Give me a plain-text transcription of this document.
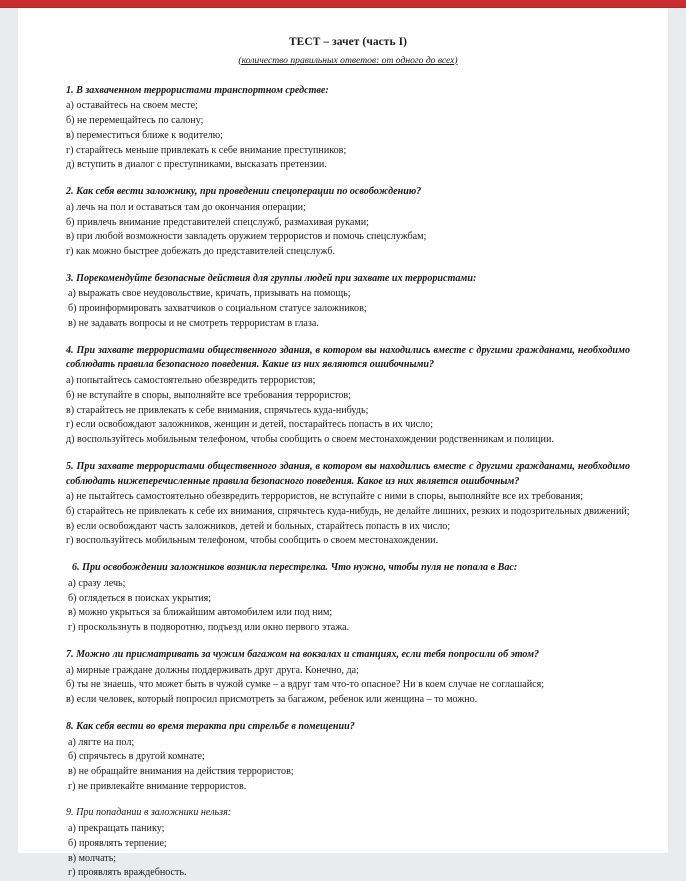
ТЕСТ – зачет (часть I)
(количество правильных ответов: от одного до всех)

1. В захваченном террористами транспортном средстве:

а) оставайтесь на своем месте;

б) не перемещайтесь по салону;

в) переместиться ближе к водителю;

г) старайтесь меньше привлекать к себе внимание преступников;

д) вступить в диалог с преступниками, высказать претензии.

2. Как себя вести заложнику, при проведении спецоперации по освобождению?

а) лечь на пол и оставаться там до окончания операции;

б) привлечь внимание представителей спецслужб, размахивая руками;

в) при любой возможности завладеть оружием террористов и помочь спецслужбам;

г) как можно быстрее добежать до представителей спецслужб.

3. Порекомендуйте безопасные действия для группы людей при захвате их террористами:

а) выражать свое неудовольствие, кричать, призывать на помощь;

б) проинформировать захватчиков о социальном статусе заложников;

в) не задавать вопросы и не смотреть террористам в глаза.

4. При захвате террористами общественного здания, в котором вы находились вместе с другими гражданами, необходимо соблюдать правила безопасного поведения. Какие из них являются ошибочными?

а) попытайтесь самостоятельно обезвредить террористов;

б) не вступайте в споры, выполняйте все требования террористов;

в) старайтесь не привлекать к себе внимания, спрячьтесь куда-нибудь;

г) если освобождают заложников, женщин и детей, постарайтесь попасть в их число;

д) воспользуйтесь мобильным телефоном, чтобы сообщить о своем местонахождении родственникам и полиции.

5. При захвате террористами общественного здания, в котором вы находились вместе с другими гражданами, необходимо соблюдать нижеперечисленные правила безопасного поведения. Какое из них является ошибочным?

а) не пытайтесь самостоятельно обезвредить террористов, не вступайте с ними в споры, выполняйте все их требования;

б) старайтесь не привлекать к себе их внимания, спрячьтесь куда-нибудь, не делайте лишних, резких и подозрительных движений;

в) если освобождают часть заложников, детей и больных, старайтесь попасть в их число;

г) воспользуйтесь мобильным телефоном, чтобы сообщить о своем местонахождении.

6. При освобождении заложников возникла перестрелка. Что нужно, чтобы пуля не попала в Вас:

а) сразу лечь;

б) оглядеться в поисках укрытия;

в) можно укрыться за ближайшим автомобилем или под ним;

г) проскользнуть в подворотню, подъезд или окно первого этажа.

7. Можно ли присматривать за чужим багажом на вокзалах и станциях, если тебя попросили об этом?

а) мирные граждане должны поддерживать друг друга. Конечно, да;

б) ты не знаешь, что может быть в чужой сумке – а вдруг там что-то опасное? Ни в коем случае не соглашайся;

в) если человек, который попросил присмотреть за багажом, ребенок или женщина – то можно.

8. Как себя вести во время теракта при стрельбе в помещении?

а) лягте на пол;

б) спрячьтесь в другой комнате;

в) не обращайте внимания на действия террористов;

г) не привлекайте внимание террористов.

9. При попадании в заложники нельзя:

а) прекращать панику;

б) проявлять терпение;

в) молчать;

г) проявлять враждебность.
